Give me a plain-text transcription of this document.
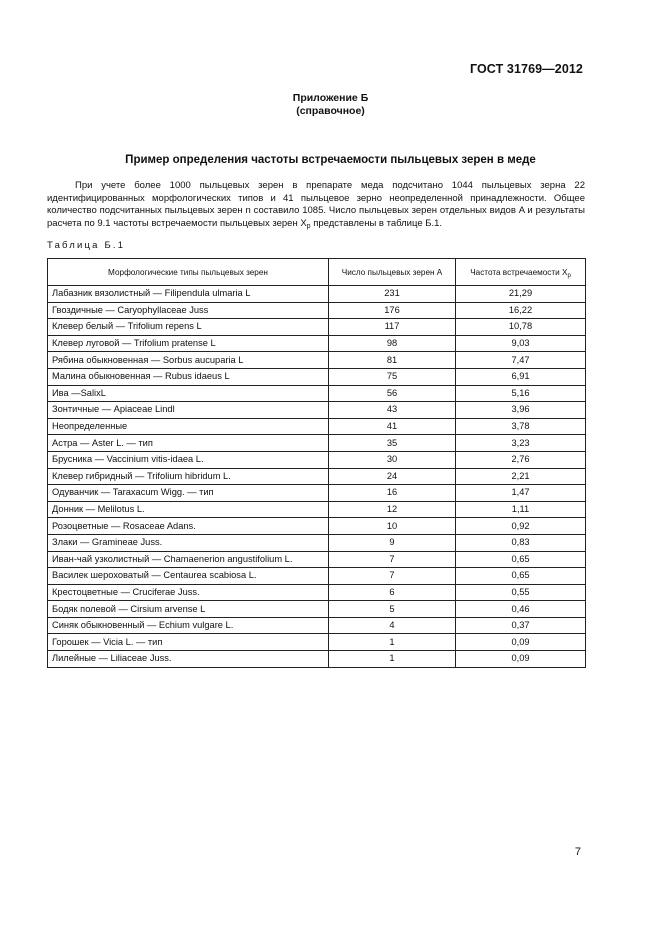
ГОСТ 31769—2012
Приложение Б
(справочное)
Пример определения частоты встречаемости пыльцевых зерен в меде
При учете более 1000 пыльцевых зерен в препарате меда подсчитано 1044 пыльцевых зерна 22 идентифицированных морфологических типов и 41 пыльцевое зерно неопределенной принадлежности. Общее количество подсчитанных пыльцевых зерен n составило 1085. Число пыльцевых зерен отдельных видов A и результаты расчета по 9.1 частоты встречаемости пыльцевых зерен $X_p$ представлены в таблице Б.1.
Таблица Б.1
Морфологические типы пыльцевых зерен	Число пыльцевых зерен A	Частота встречаемости $X_p$
Лабазник вязолистный — Filipendula ulmaria L	231	21,29
Гвоздичные — Caryophyllaceae Juss	176	16,22
Клевер белый — Trifolium repens L	117	10,78
Клевер луговой — Trifolium pratense L	98	9,03
Рябина обыкновенная — Sorbus aucuparia L	81	7,47
Малина обыкновенная — Rubus idaeus L	75	6,91
Ива —SalixL	56	5,16
Зонтичные — Apiaceae Lindl	43	3,96
Неопределенные	41	3,78
Астра — Aster L. — тип	35	3,23
Брусника — Vaccinium vitis-idaea L.	30	2,76
Клевер гибридный — Trifolium hibridum L.	24	2,21
Одуванчик — Taraxacum Wigg. — тип	16	1,47
Донник — Melilotus L.	12	1,11
Розоцветные — Rosaceae Adans.	10	0,92
Злаки — Gramineae Juss.	9	0,83
Иван-чай узколистный — Chamaenerion angustifolium L.	7	0,65
Василек шероховатый — Centaurea scabiosa L.	7	0,65
Крестоцветные — Cruciferae Juss.	6	0,55
Бодяк полевой — Cirsium arvense L	5	0,46
Синяк обыкновенный — Echium vulgare L.	4	0,37
Горошек — Vicia L. — тип	1	0,09
Лилейные — Liliaceae Juss.	1	0,09
7
